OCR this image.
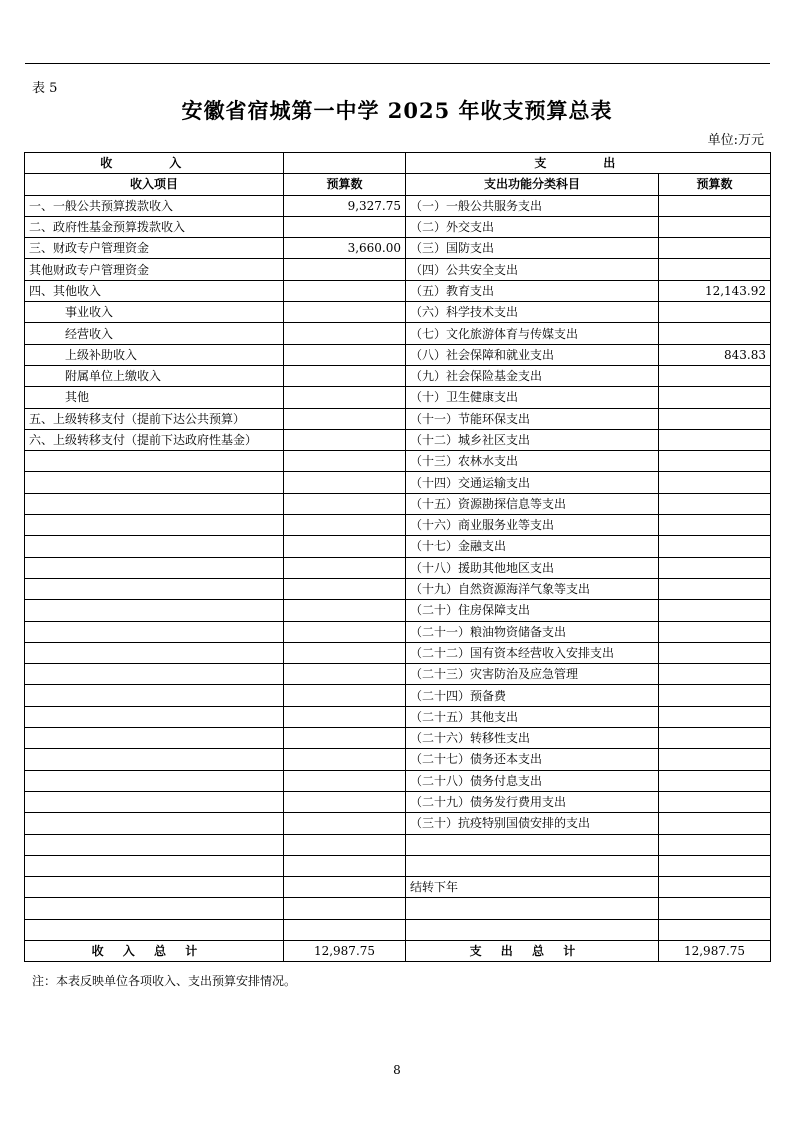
表 5
安徽省宿城第一中学 2025 年收支预算总表
单位:万元
收 入		支 出	
收入项目	预算数	支出功能分类科目	预算数
一、一般公共预算拨款收入	9,327.75	（一）一般公共服务支出	
二、政府性基金预算拨款收入		（二）外交支出	
三、财政专户管理资金	3,660.00	（三）国防支出	
其他财政专户管理资金		（四）公共安全支出	
四、其他收入		（五）教育支出	12,143.92
事业收入		（六）科学技术支出	
经营收入		（七）文化旅游体育与传媒支出	
上级补助收入		（八）社会保障和就业支出	843.83
附属单位上缴收入		（九）社会保险基金支出	
其他		（十）卫生健康支出	
五、上级转移支付（提前下达公共预算）		（十一）节能环保支出	
六、上级转移支付（提前下达政府性基金）		（十二）城乡社区支出	
		（十三）农林水支出	
		（十四）交通运输支出	
		（十五）资源勘探信息等支出	
		（十六）商业服务业等支出	
		（十七）金融支出	
		（十八）援助其他地区支出	
		（十九）自然资源海洋气象等支出	
		（二十）住房保障支出	
		（二十一）粮油物资储备支出	
		（二十二）国有资本经营收入安排支出	
		（二十三）灾害防治及应急管理	
		（二十四）预备费	
		（二十五）其他支出	
		（二十六）转移性支出	
		（二十七）债务还本支出	
		（二十八）债务付息支出	
		（二十九）债务发行费用支出	
		（三十）抗疫特别国债安排的支出	

		结转下年	

收入总计	12,987.75	支出总计	12,987.75
注：本表反映单位各项收入、支出预算安排情况。
8
